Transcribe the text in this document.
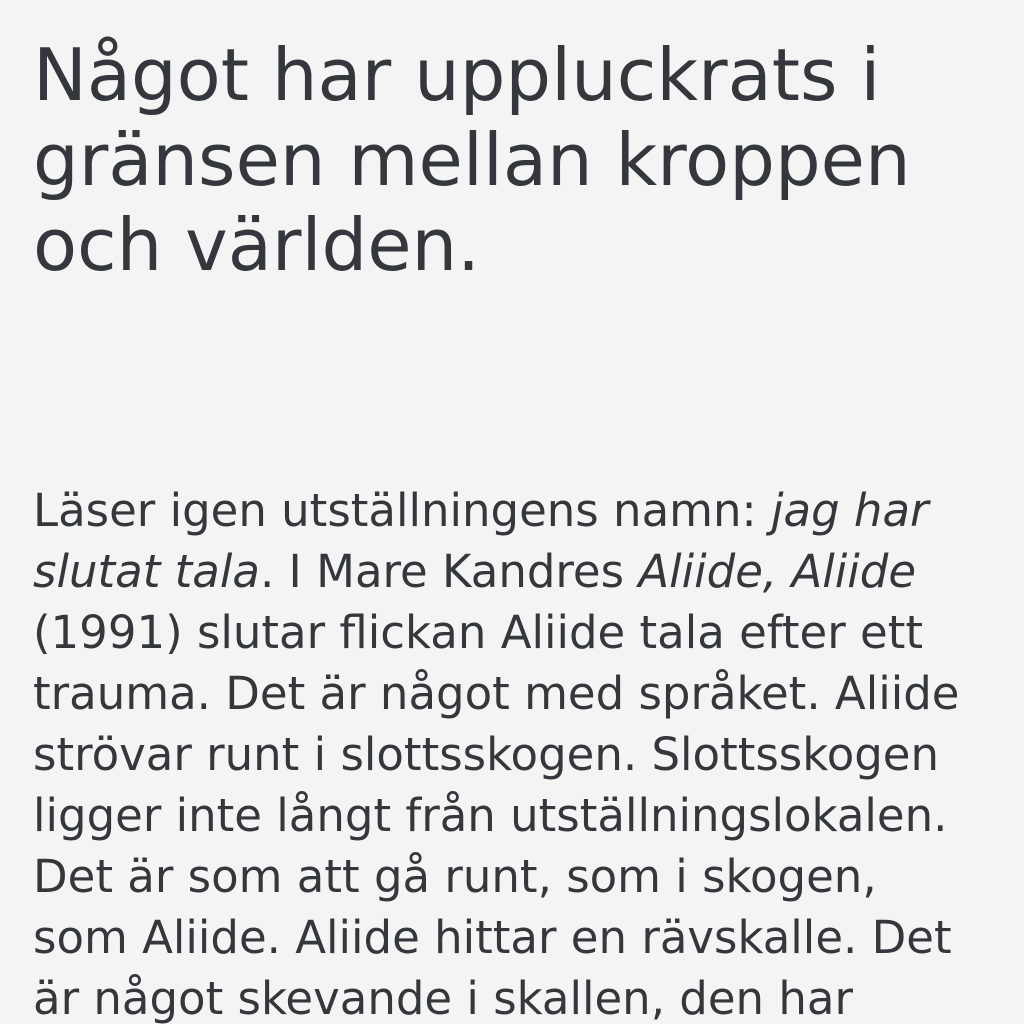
Något har uppluckrats i
gränsen mellan kroppen
och världen.

Läser igen utställningens namn: jag har
slutat tala. I Mare Kandres Aliide, Aliide
(1991) slutar flickan Aliide tala efter ett
trauma. Det är något med språket. Aliide
strövar runt i slottsskogen. Slottsskogen
ligger inte långt från utställningslokalen.
Det är som att gå runt, som i skogen,
som Aliide. Aliide hittar en rävskalle. Det
är något skevande i skallen, den har
